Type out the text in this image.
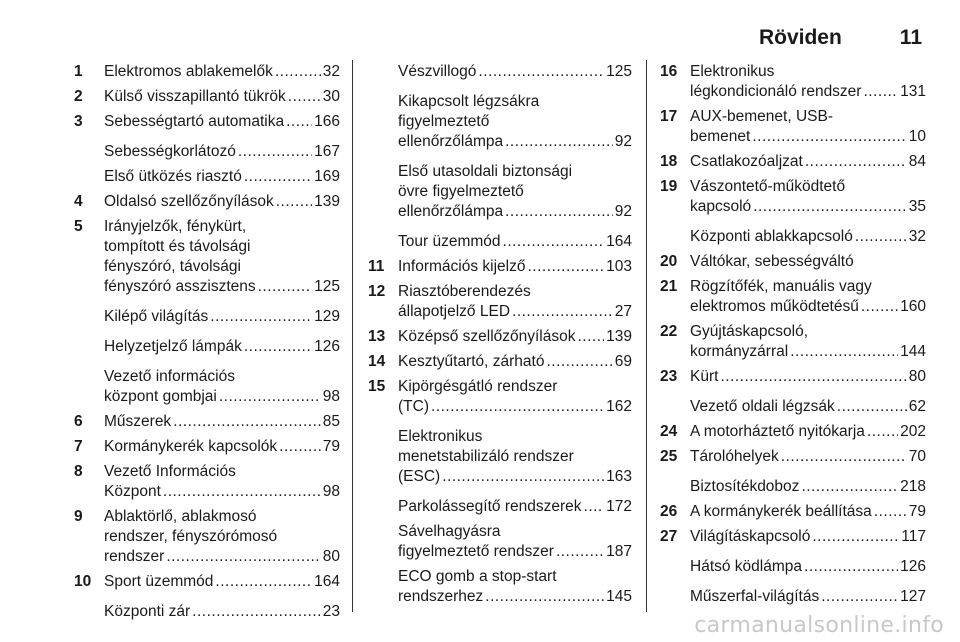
Röviden	11
1 Elektromos ablakemelők .....	32
2 Külső visszapillantó tükrök ..... 30
3 Sebességtartó automatika ..... 166
Sebességkorlátozó .....	167
Első ütközés riasztó .....	169
4 Oldalsó szellőzőnyílások .....	139
5 Irányjelzők, fénykürt,
tompított és távolsági
fényszóró, távolsági
fényszóró asszisztens .....	125
Kilépő világítás .....	129
Helyzetjelző lámpák .....	126
Vezető információs
központ gombjai .....	98
6 Műszerek .....	85
7 Kormánykerék kapcsolók .....	79
8 Vezető Információs
Központ .....	98
9 Ablaktörlő, ablakmosó
rendszer, fényszórómosó
rendszer .....	80
10 Sport üzemmód .....	164
Központi zár .....	23
Vészvillogó .....	125
Kikapcsolt légzsákra
figyelmeztető
ellenőrzőlámpa .....	92
Első utasoldali biztonsági
övre figyelmeztető
ellenőrzőlámpa .....	92
Tour üzemmód .....	164
11 Információs kijelző .....	103
12 Riasztóberendezés
állapotjelző LED .....	27
13 Középső szellőzőnyílások ..... 139
14 Kesztyűtartó, zárható .....	69
15 Kipörgésgátló rendszer
(TC) .....	162
Elektronikus
menetstabilizáló rendszer
(ESC) .....	163
Parkolássegítő rendszerek ..... 172
Sávelhagyásra
figyelmeztető rendszer .....	187
ECO gomb a stop-start
rendszerhez .....	145
16 Elektronikus
légkondicionáló rendszer ..... 131
17 AUX-bemenet, USB-
bemenet .....	10
18 Csatlakozóaljzat .....	84
19 Vászontető-működtető
kapcsoló .....	35
Központi ablakkapcsoló .....	32
20 Váltókar, sebességváltó
21 Rögzítőfék, manuális vagy
elektromos működtetésű .....	160
22 Gyújtáskapcsoló,
kormányzárral .....	144
23 Kürt .....	80
Vezető oldali légzsák .....	62
24 A motorháztető nyitókarja ..... 202
25 Tárolóhelyek .....	70
Biztosítékdoboz .....	218
26 A kormánykerék beállítása ..... 79
27 Világításkapcsoló .....	117
Hátsó ködlámpa .....	126
Műszerfal-világítás .....	127
carmanualsonline.info
